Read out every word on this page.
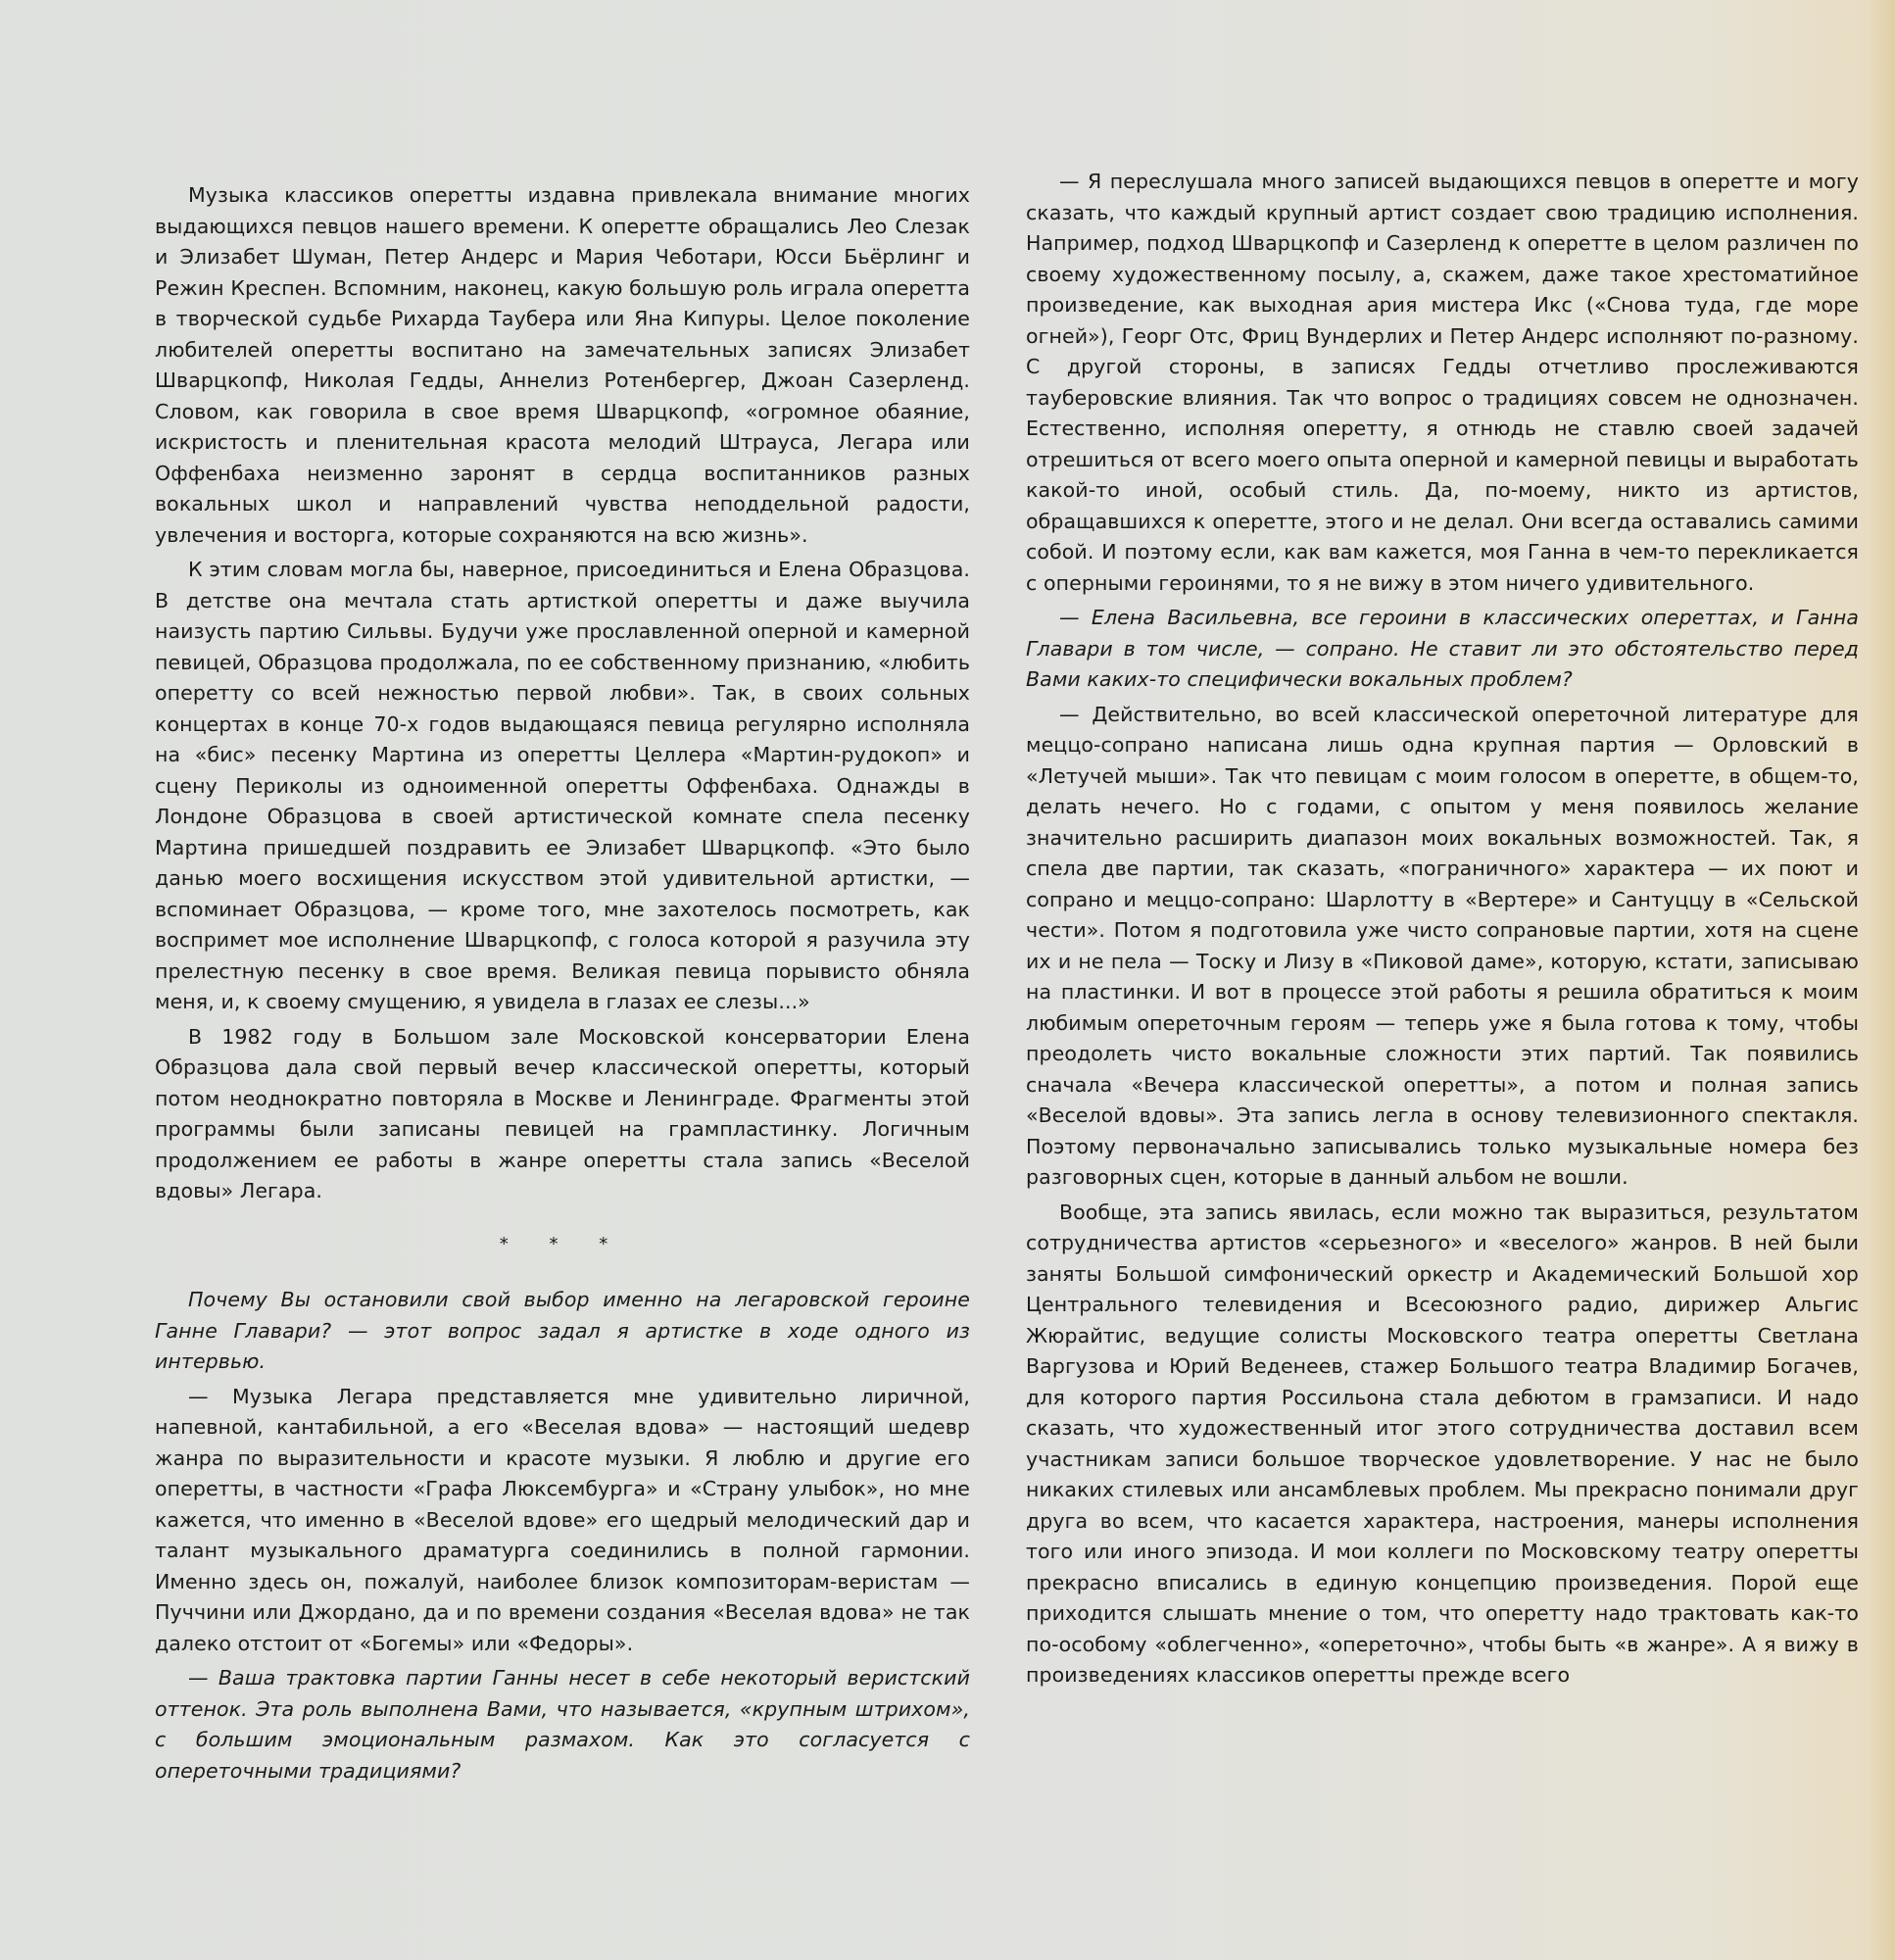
Музыка классиков оперетты издавна привлекала внимание многих выдающихся певцов нашего времени. К оперетте обращались Лео Слезак и Элизабет Шуман, Петер Андерс и Мария Чеботари, Юсси Бьёрлинг и Режин Креспен. Вспомним, наконец, какую большую роль играла оперетта в творческой судьбе Рихарда Таубера или Яна Кипуры. Целое поколение любителей оперетты воспитано на замечательных записях Элизабет Шварцкопф, Николая Гедды, Аннелиз Ротенбергер, Джоан Сазерленд. Словом, как говорила в свое время Шварцкопф, «огромное обаяние, искристость и пленительная красота мелодий Штрауса, Легара или Оффенбаха неизменно заронят в сердца воспитанников разных вокальных школ и направлений чувства неподдельной радости, увлечения и восторга, которые сохраняются на всю жизнь».

К этим словам могла бы, наверное, присоединиться и Елена Образцова. В детстве она мечтала стать артисткой оперетты и даже выучила наизусть партию Сильвы. Будучи уже прославленной оперной и камерной певицей, Образцова продолжала, по ее собственному признанию, «любить оперетту со всей нежностью первой любви». Так, в своих сольных концертах в конце 70-х годов выдающаяся певица регулярно исполняла на «бис» песенку Мартина из оперетты Целлера «Мартин-рудокоп» и сцену Периколы из одноименной оперетты Оффенбаха. Однажды в Лондоне Образцова в своей артистической комнате спела песенку Мартина пришедшей поздравить ее Элизабет Шварцкопф. «Это было данью моего восхищения искусством этой удивительной артистки, — вспоминает Образцова, — кроме того, мне захотелось посмотреть, как воспримет мое исполнение Шварцкопф, с голоса которой я разучила эту прелестную песенку в свое время. Великая певица порывисто обняла меня, и, к своему смущению, я увидела в глазах ее слезы...»

В 1982 году в Большом зале Московской консерватории Елена Образцова дала свой первый вечер классической оперетты, который потом неоднократно повторяла в Москве и Ленинграде. Фрагменты этой программы были записаны певицей на грампластинку. Логичным продолжением ее работы в жанре оперетты стала запись «Веселой вдовы» Легара.

* * *

Почему Вы остановили свой выбор именно на легаровской героине Ганне Главари? — этот вопрос задал я артистке в ходе одного из интервью.

— Музыка Легара представляется мне удивительно лиричной, напевной, кантабильной, а его «Веселая вдова» — настоящий шедевр жанра по выразительности и красоте музыки. Я люблю и другие его оперетты, в частности «Графа Люксембурга» и «Страну улыбок», но мне кажется, что именно в «Веселой вдове» его щедрый мелодический дар и талант музыкального драматурга соединились в полной гармонии. Именно здесь он, пожалуй, наиболее близок композиторам-веристам — Пуччини или Джордано, да и по времени создания «Веселая вдова» не так далеко отстоит от «Богемы» или «Федоры».

— Ваша трактовка партии Ганны несет в себе некоторый веристский оттенок. Эта роль выполнена Вами, что называется, «крупным штрихом», с большим эмоциональным размахом. Как это согласуется с опереточными традициями?

— Я переслушала много записей выдающихся певцов в оперетте и могу сказать, что каждый крупный артист создает свою традицию исполнения. Например, подход Шварцкопф и Сазерленд к оперетте в целом различен по своему художественному посылу, а, скажем, даже такое хрестоматийное произведение, как выходная ария мистера Икс («Снова туда, где море огней»), Георг Отс, Фриц Вундерлих и Петер Андерс исполняют по-разному. С другой стороны, в записях Гедды отчетливо прослеживаются тауберовские влияния. Так что вопрос о традициях совсем не однозначен. Естественно, исполняя оперетту, я отнюдь не ставлю своей задачей отрешиться от всего моего опыта оперной и камерной певицы и выработать какой-то иной, особый стиль. Да, по-моему, никто из артистов, обращавшихся к оперетте, этого и не делал. Они всегда оставались самими собой. И поэтому если, как вам кажется, моя Ганна в чем-то перекликается с оперными героинями, то я не вижу в этом ничего удивительного.

— Елена Васильевна, все героини в классических опереттах, и Ганна Главари в том числе, — сопрано. Не ставит ли это обстоятельство перед Вами каких-то специфически вокальных проблем?

— Действительно, во всей классической опереточной литературе для меццо-сопрано написана лишь одна крупная партия — Орловский в «Летучей мыши». Так что певицам с моим голосом в оперетте, в общем-то, делать нечего. Но с годами, с опытом у меня появилось желание значительно расширить диапазон моих вокальных возможностей. Так, я спела две партии, так сказать, «пограничного» характера — их поют и сопрано и меццо-сопрано: Шарлотту в «Вертере» и Сантуццу в «Сельской чести». Потом я подготовила уже чисто сопрановые партии, хотя на сцене их и не пела — Тоску и Лизу в «Пиковой даме», которую, кстати, записываю на пластинки. И вот в процессе этой работы я решила обратиться к моим любимым опереточным героям — теперь уже я была готова к тому, чтобы преодолеть чисто вокальные сложности этих партий. Так появились сначала «Вечера классической оперетты», а потом и полная запись «Веселой вдовы». Эта запись легла в основу телевизионного спектакля. Поэтому первоначально записывались только музыкальные номера без разговорных сцен, которые в данный альбом не вошли.

Вообще, эта запись явилась, если можно так выразиться, результатом сотрудничества артистов «серьезного» и «веселого» жанров. В ней были заняты Большой симфонический оркестр и Академический Большой хор Центрального телевидения и Всесоюзного радио, дирижер Альгис Жюрайтис, ведущие солисты Московского театра оперетты Светлана Варгузова и Юрий Веденеев, стажер Большого театра Владимир Богачев, для которого партия Россильона стала дебютом в грамзаписи. И надо сказать, что художественный итог этого сотрудничества доставил всем участникам записи большое творческое удовлетворение. У нас не было никаких стилевых или ансамблевых проблем. Мы прекрасно понимали друг друга во всем, что касается характера, настроения, манеры исполнения того или иного эпизода. И мои коллеги по Московскому театру оперетты прекрасно вписались в единую концепцию произведения. Порой еще приходится слышать мнение о том, что оперетту надо трактовать как-то по-особому «облегченно», «опереточно», чтобы быть «в жанре». А я вижу в произведениях классиков оперетты прежде всего
